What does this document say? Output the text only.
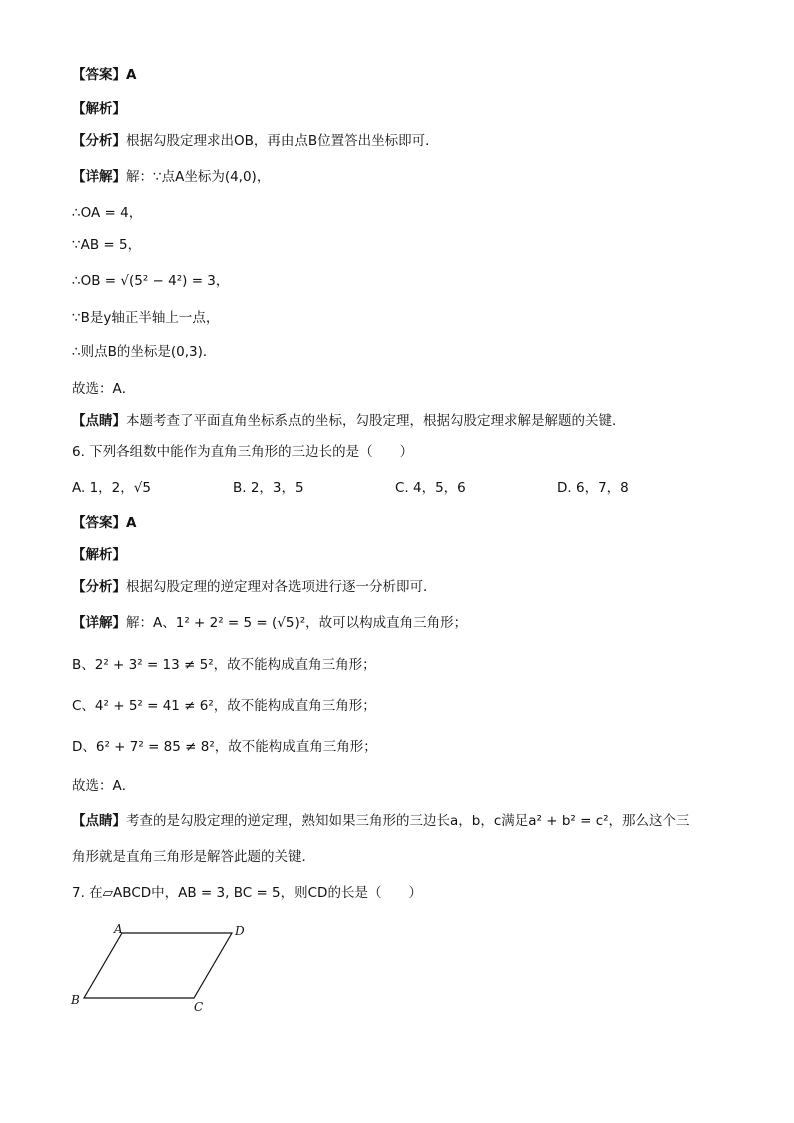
【答案】A
【解析】
【分析】根据勾股定理求出OB，再由点B位置答出坐标即可．
【详解】解：∵点A坐标为(4,0)，
∴OA = 4，
∵AB = 5，
∴OB = √(5² − 4²) = 3，
∵B是y轴正半轴上一点，
∴则点B的坐标是(0,3)．
故选：A．
【点睛】本题考查了平面直角坐标系点的坐标，勾股定理，根据勾股定理求解是解题的关键．
6. 下列各组数中能作为直角三角形的三边长的是（　　）
A. 1，2，√5	B. 2，3，5	C. 4，5，6	D. 6，7，8
【答案】A
【解析】
【分析】根据勾股定理的逆定理对各选项进行逐一分析即可．
【详解】解：A、1² + 2² = 5 = (√5)²，故可以构成直角三角形；
B、2² + 3² = 13 ≠ 5²，故不能构成直角三角形；
C、4² + 5² = 41 ≠ 6²，故不能构成直角三角形；
D、6² + 7² = 85 ≠ 8²，故不能构成直角三角形；
故选：A．
【点睛】考查的是勾股定理的逆定理，熟知如果三角形的三边长a，b，c满足a² + b² = c²，那么这个三
角形就是直角三角形是解答此题的关键．
7. 在▱ABCD中，AB = 3, BC = 5，则CD的长是（　　）
A	D
B	C
